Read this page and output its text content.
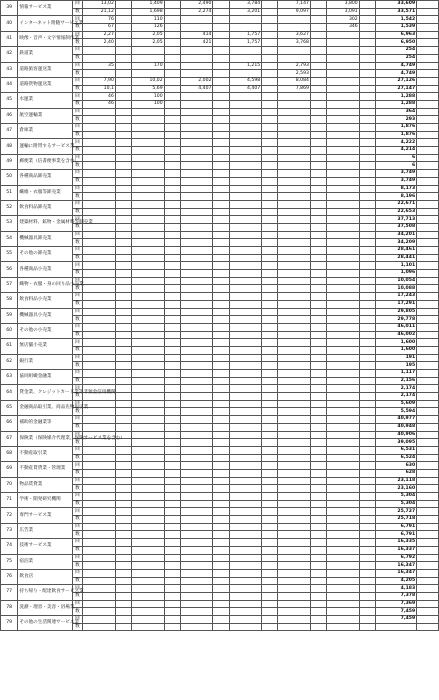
39	情報サービス業	回	13,02		1,409		2,490		3,784		7,147		3,800		33,609	
		数	21,12		1,698		2,274		3,201		9,097		3,091		33,571	
40	インターネット附随サービス業	回	76		110								302		1,542	
		数	67		126								346		1,539	
41	映像・音声・文字情報制作業	回	2,27		2,05		414		1,757		3,627				6,963	
		数	2,40		2,05		421		1,757		3,768				6,950	
42	鉄道業	回													254	
		数													254	
43	道路旅客運送業	回	35		170				1,215		2,793				4,749	
		数									2,593				4,749	
44	道路貨物運送業	回	7,90		10,02		2,002		4,598		8,084				27,126	
		数	10,1		5,69		4,407		4,407		7,869				27,147	
45	水運業	回	46		100										1,288	
		数	46		100										1,288	
46	航空運輸業	回													364	
		数													293	
47	倉庫業	回													1,876	
		数													1,876	
48	運輸に附帯するサービス業	回													4,222	
		数													4,214	
49	郵便業（信書便事業を含む）	回													6	
		数													6	
50	各種商品卸売業	回													3,749	
		数													3,749	
51	繊維・衣服等卸売業	回													8,173	
		数													8,196	
52	飲食料品卸売業	回													22,671	
		数													22,653	
53	建築材料、鉱物・金属材料等卸売業	回													37,713	
		数													37,508	
54	機械器具卸売業	回													34,201	
		数													34,209	
55	その他の卸売業	回													28,461	
		数													28,441	
56	各種商品小売業	回													1,101	
		数													1,096	
57	織物・衣服・身の回り品小売業	回													10,054	
		数													10,088	
58	飲食料品小売業	回													17,243	
		数													17,291	
59	機械器具小売業	回													29,805	
		数													29,778	
60	その他の小売業	回													46,011	
		数													46,002	
61	無店舗小売業	回													1,600	
		数													1,600	
62	銀行業	回													191	
		数													195	
63	協同組織金融業	回													1,117	
		数													2,156	
64	貸金業、クレジットカード業等非預金信用機関	回													2,174	
		数													2,174	
65	金融商品取引業、商品先物取引業	回													5,609	
		数													5,594	
66	補助的金融業等	回													40,977	
		数													40,948	
67	保険業（保険媒介代理業、保険サービス業を含む）	回													40,906	
		数													39,095	
68	不動産取引業	回													6,531	
		数													6,524	
69	不動産賃貸業・管理業	回													630	
		数													628	
70	物品賃貸業	回													23,118	
		数													23,160	
71	学術・開発研究機関	回													5,304	
		数													5,304	
72	専門サービス業	回													25,727	
		数													25,718	
73	広告業	回													6,791	
		数													6,791	
74	技術サービス業	回													16,335	
		数													16,337	
75	宿泊業	回													6,792	
		数													16,347	
76	飲食店	回													16,347	
		数													4,205	
77	持ち帰り・配達飲食サービス業	回													4,183	
		数													7,378	
78	洗濯・理容・美容・浴場業	回													7,369	
		数													7,459	
79	その他の生活関連サービス業	回													7,459	
		数														
